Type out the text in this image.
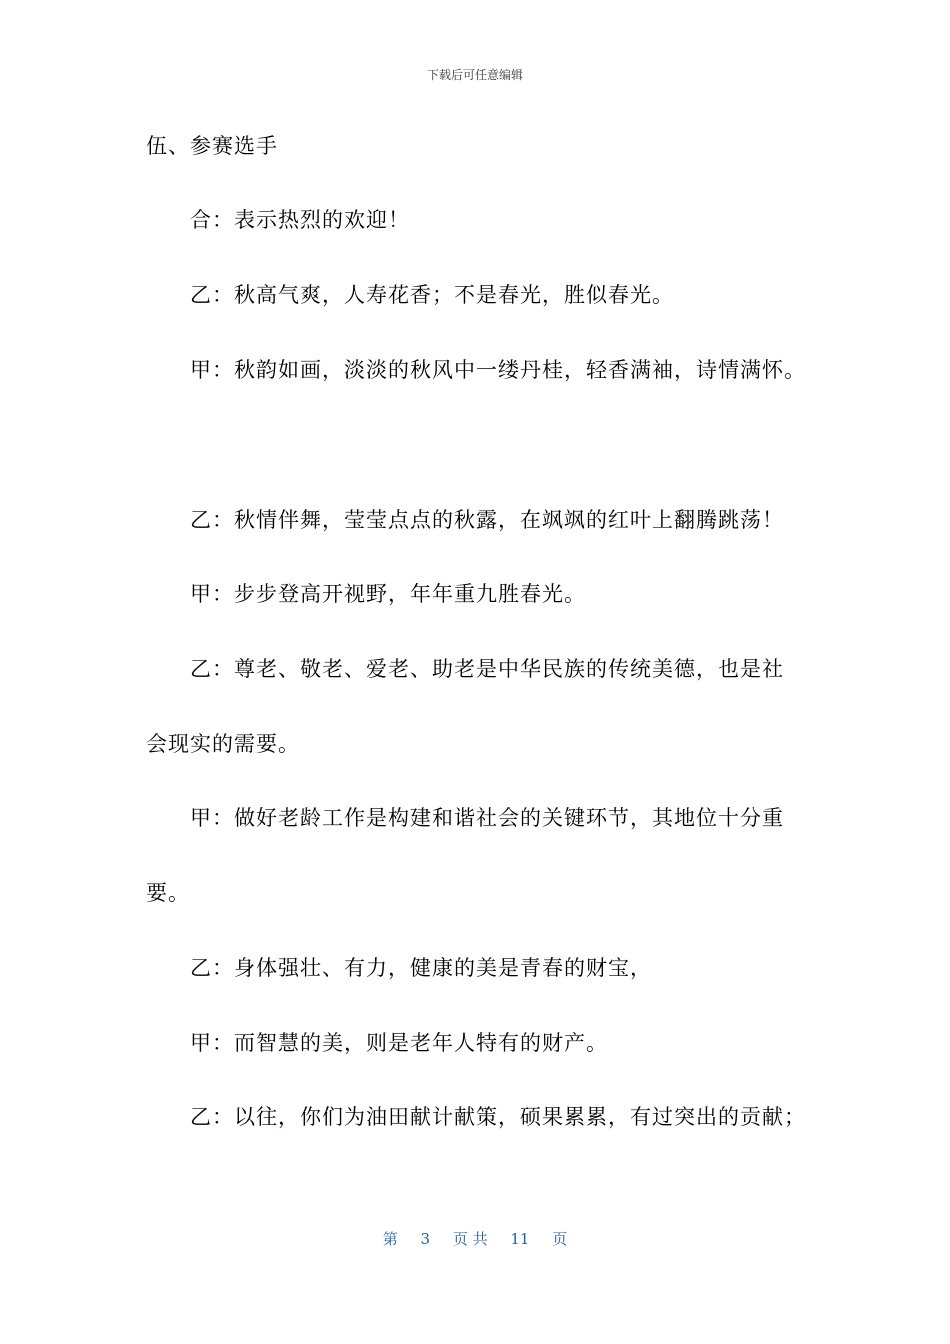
下载后可任意编辑
伍、参赛选手
合：表示热烈的欢迎！
乙：秋高气爽，人寿花香；不是春光，胜似春光。
甲：秋韵如画，淡淡的秋风中一缕丹桂，轻香满袖，诗情满怀。
乙：秋情伴舞，莹莹点点的秋露，在飒飒的红叶上翻腾跳荡！
甲：步步登高开视野，年年重九胜春光。
乙：尊老、敬老、爱老、助老是中华民族的传统美德，也是社
会现实的需要。
甲：做好老龄工作是构建和谐社会的关键环节，其地位十分重
要。
乙：身体强壮、有力，健康的美是青春的财宝，
甲：而智慧的美，则是老年人特有的财产。
乙：以往，你们为油田献计献策，硕果累累，有过突出的贡献；
第 3 页 共 11 页
